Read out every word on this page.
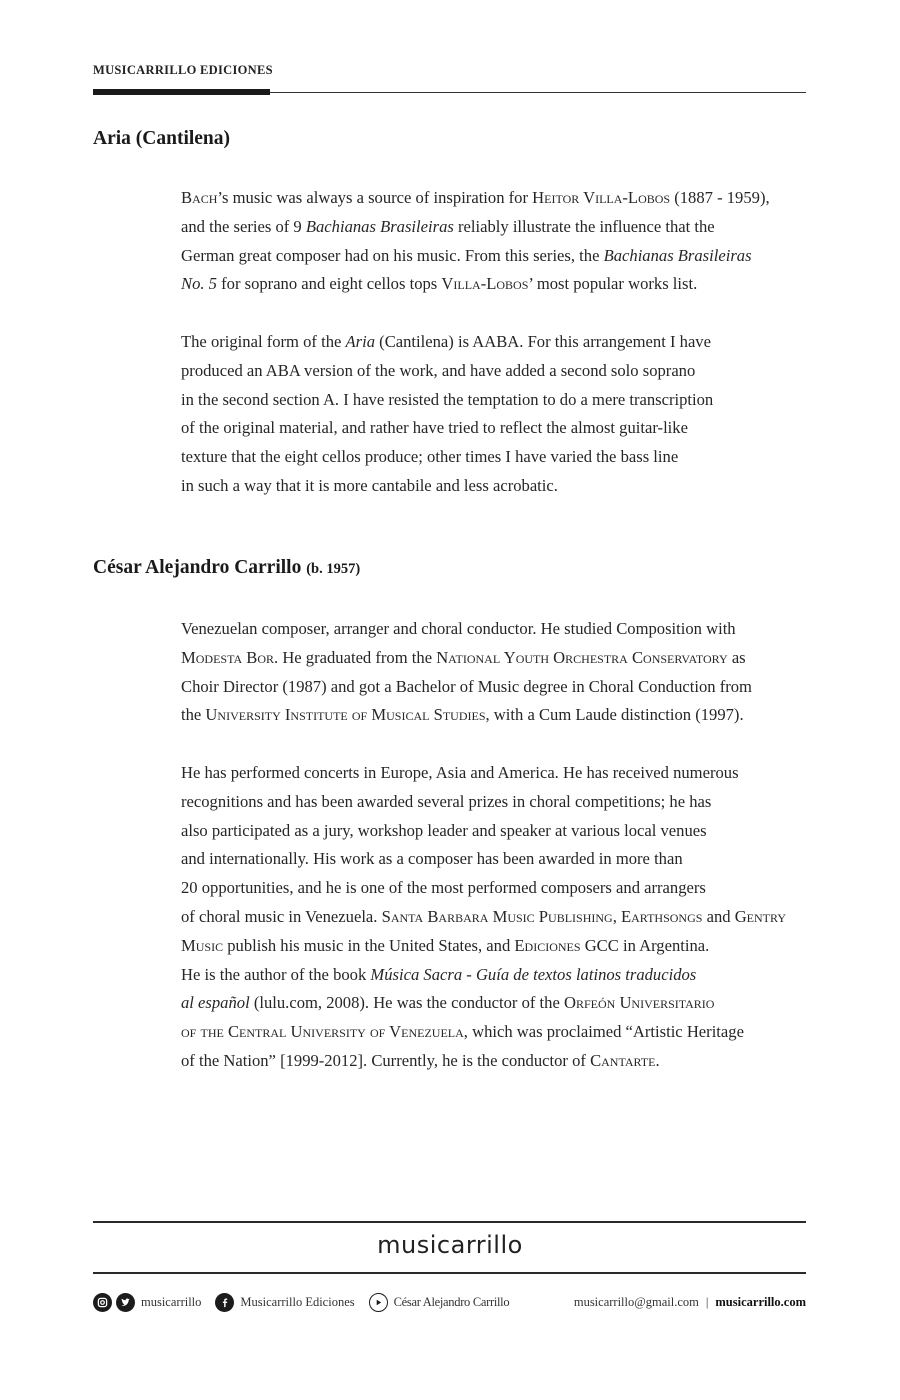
MUSICARRILLO EDICIONES
Aria (Cantilena)

Bach’s music was always a source of inspiration for Heitor Villa-Lobos (1887 - 1959),
and the series of 9 Bachianas Brasileiras reliably illustrate the influence that the
German great composer had on his music. From this series, the Bachianas Brasileiras
No. 5 for soprano and eight cellos tops Villa-Lobos’ most popular works list.

The original form of the Aria (Cantilena) is AABA. For this arrangement I have
produced an ABA version of the work, and have added a second solo soprano
in the second section A. I have resisted the temptation to do a mere transcription
of the original material, and rather have tried to reflect the almost guitar-like
texture that the eight cellos produce; other times I have varied the bass line
in such a way that it is more cantabile and less acrobatic.

César Alejandro Carrillo (b. 1957)

Venezuelan composer, arranger and choral conductor. He studied Composition with
Modesta Bor. He graduated from the National Youth Orchestra Conservatory as
Choir Director (1987) and got a Bachelor of Music degree in Choral Conduction from
the University Institute of Musical Studies, with a Cum Laude distinction (1997).

He has performed concerts in Europe, Asia and America. He has received numerous
recognitions and has been awarded several prizes in choral competitions; he has
also participated as a jury, workshop leader and speaker at various local venues
and internationally. His work as a composer has been awarded in more than
20 opportunities, and he is one of the most performed composers and arrangers
of choral music in Venezuela. Santa Barbara Music Publishing, Earthsongs and Gentry
Music publish his music in the United States, and Ediciones GCC in Argentina.
He is the author of the book Música Sacra - Guía de textos latinos traducidos
al español (lulu.com, 2008). He was the conductor of the Orfeón Universitario
of the Central University of Venezuela, which was proclaimed “Artistic Heritage
of the Nation” [1999-2012]. Currently, he is the conductor of Cantarte.

musicarrillo
musicarrillo	Musicarrillo Ediciones	César Alejandro Carrillo	musicarrillo@gmail.com | musicarrillo.com
